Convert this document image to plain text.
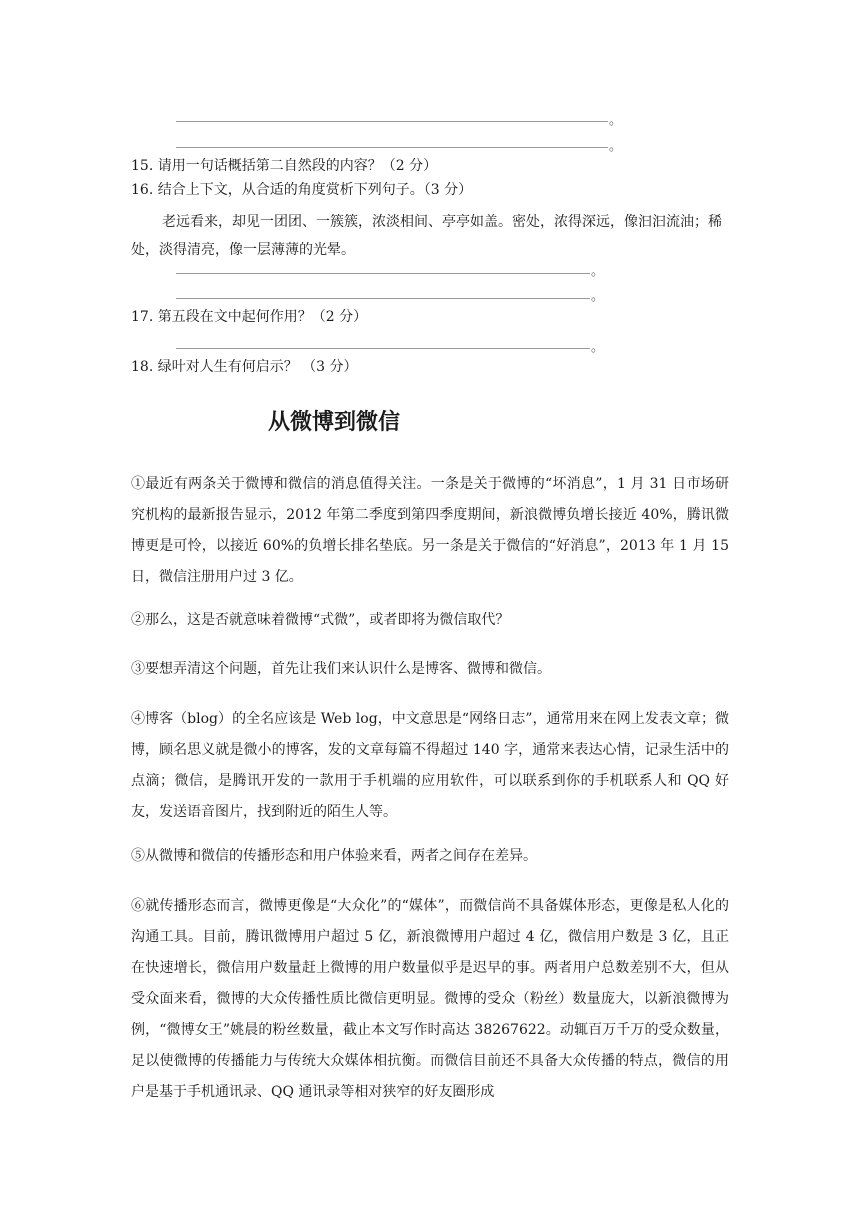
。
。
15. 请用一句话概括第二自然段的内容？（2 分）
16. 结合上下文，从合适的角度赏析下列句子。（3 分）
老远看来，却见一团团、一簇簇，浓淡相间、亭亭如盖。密处，浓得深远，像汩汩流油；稀处，淡得清亮，像一层薄薄的光晕。
。
。
17. 第五段在文中起何作用？（2 分）
。
18. 绿叶对人生有何启示？ （3 分）
从微博到微信
①最近有两条关于微博和微信的消息值得关注。一条是关于微博的“坏消息”，1 月 31 日市场研究机构的最新报告显示，2012 年第二季度到第四季度期间，新浪微博负增长接近 40%，腾讯微博更是可怜，以接近 60%的负增长排名垫底。另一条是关于微信的“好消息”，2013 年 1 月 15 日，微信注册用户过 3 亿。
②那么，这是否就意味着微博“式微”，或者即将为微信取代？
③要想弄清这个问题，首先让我们来认识什么是博客、微博和微信。
④博客（blog）的全名应该是 Web log，中文意思是“网络日志”，通常用来在网上发表文章；微博，顾名思义就是微小的博客，发的文章每篇不得超过 140 字，通常来表达心情，记录生活中的点滴；微信，是腾讯开发的一款用于手机端的应用软件，可以联系到你的手机联系人和 QQ 好友，发送语音图片，找到附近的陌生人等。
⑤从微博和微信的传播形态和用户体验来看，两者之间存在差异。
⑥就传播形态而言，微博更像是“大众化”的“媒体”，而微信尚不具备媒体形态，更像是私人化的沟通工具。目前，腾讯微博用户超过 5 亿，新浪微博用户超过 4 亿，微信用户数是 3 亿，且正在快速增长，微信用户数量赶上微博的用户数量似乎是迟早的事。两者用户总数差别不大，但从受众面来看，微博的大众传播性质比微信更明显。微博的受众（粉丝）数量庞大，以新浪微博为例，“微博女王”姚晨的粉丝数量，截止本文写作时高达 38267622。动辄百万千万的受众数量，足以使微博的传播能力与传统大众媒体相抗衡。而微信目前还不具备大众传播的特点，微信的用户是基于手机通讯录、QQ 通讯录等相对狭窄的好友圈形成
